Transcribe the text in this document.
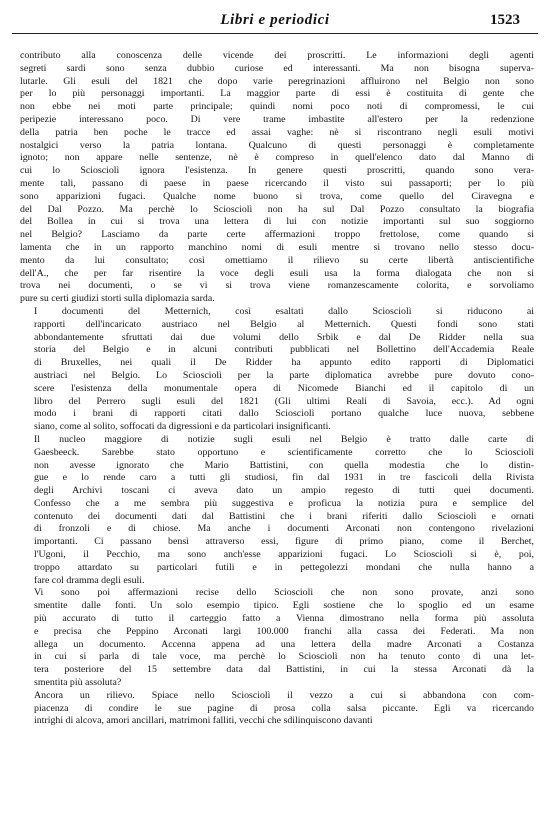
Libri e periodici	1523
contributo alla conoscenza delle vicende dei proscritti. Le informazioni degli agenti
segreti sardi sono senza dubbio curiose ed interessanti. Ma non bisogna superva-
lutarle. Gli esuli del 1821 che dopo varie peregrinazioni affluirono nel Belgio non sono
per lo più personaggi importanti. La maggior parte di essi è costituita di gente che
non ebbe nei moti parte principale; quindi nomi poco noti di compromessi, le cui
peripezie interessano poco. Di vere trame imbastite all'estero per la redenzione
della patria ben poche le tracce ed assai vaghe: nè si riscontrano negli esuli motivi
nostalgici verso la patria lontana. Qualcuno di questi personaggi è completamente
ignoto; non appare nelle sentenze, nè è compreso in quell'elenco dato dal Manno di
cui lo Sciosciolì ignora l'esistenza. In genere questi proscritti, quando sono vera-
mente tali, passano di paese in paese ricercando il visto sui passaporti; per lo più
sono apparizioni fugaci. Qualche nome buono si trova, come quello del Ciravegna e
del Dal Pozzo. Ma perchè lo Sciosciolì non ha sul Dal Pozzo consultato la biografia
del Bollea in cui si trova una lettera di lui con notizie importanti sul suo soggiorno
nel Belgio? Lasciamo da parte certe affermazioni troppo frettolose, come quando si
lamenta che in un rapporto manchino nomi di esuli mentre si trovano nello stesso docu-
mento da lui consultato; così omettiamo il rilievo su certe libertà antiscientifiche
dell'A., che per far risentire la voce degli esuli usa la forma dialogata che non si
trova nei documenti, o se vi si trova viene romanzescamente colorita, e sorvoliamo
pure su certi giudizi storti sulla diplomazia sarda.
I documenti del Metternich, così esaltati dallo Sciosciolì si riducono ai
rapporti dell'incaricato austriaco nel Belgio al Metternich. Questi fondi sono stati
abbondantemente sfruttati dai due volumi dello Srbik e dal De Ridder nella sua
storia del Belgio e in alcuni contributi pubblicati nel Bollettino dell'Accademia Reale
di Bruxelles, nei quali il De Ridder ha appunto edito rapporti di Diplomatici
austriaci nel Belgio. Lo Sciosciolì per la parte diplomatica avrebbe pure dovuto cono-
scere l'esistenza della monumentale opera di Nicomede Bianchi ed il capitolo di un
libro del Perrero sugli esuli del 1821 (Gli ultimi Reali di Savoia, ecc.). Ad ogni
modo i brani di rapporti citati dallo Sciosciolì portano qualche luce nuova, sebbene
siano, come al solito, soffocati da digressioni e da particolari insignificanti.
Il nucleo maggiore di notizie sugli esuli nel Belgio è tratto dalle carte di
Gaesbeeck. Sarebbe stato opportuno e scientificamente corretto che lo Sciosciolì
non avesse ignorato che Mario Battistini, con quella modestia che lo distin-
gue e lo rende caro a tutti gli studiosi, fin dal 1931 in tre fascicoli della Rivista
degli Archivi toscani ci aveva dato un ampio regesto di tutti quei documenti.
Confesso che a me sembra più suggestiva e proficua la notizia pura e semplice del
contenuto dei documenti dati dal Battistini che i brani riferiti dallo Sciosciolì e ornati
di fronzoli e di chiose. Ma anche i documenti Arconati non contengono rivelazioni
importanti. Ci passano bensì attraverso essi, figure di primo piano, come il Berchet,
l'Ugoni, il Pecchio, ma sono anch'esse apparizioni fugaci. Lo Sciosciolì si è, poi,
troppo attardato su particolari futili e in pettegolezzi mondani che nulla hanno a
fare col dramma degli esuli.
Vi sono poi affermazioni recise dello Sciosciolì che non sono provate, anzi sono
smentite dalle fonti. Un solo esempio tipico. Egli sostiene che lo spoglio ed un esame
più accurato di tutto il carteggio fatto a Vienna dimostrano nella forma più assoluta
e precisa che Peppino Arconati largì 100.000 franchi alla cassa dei Federati. Ma non
allega un documento. Accenna appena ad una lettera della madre Arconati a Costanza
in cui si parla di tale voce, ma perchè lo Sciosciolì non ha tenuto conto di una let-
tera posteriore del 15 settembre data dal Battistini, in cui la stessa Arconati dà la
smentita più assoluta?
Ancora un rilievo. Spiace nello Sciosciolì il vezzo a cui si abbandona con com-
piacenza di condire le sue pagine di prosa colla salsa piccante. Egli va ricercando
intrighi di alcova, amori ancillari, matrimoni falliti, vecchi che sdilinquiscono davanti
